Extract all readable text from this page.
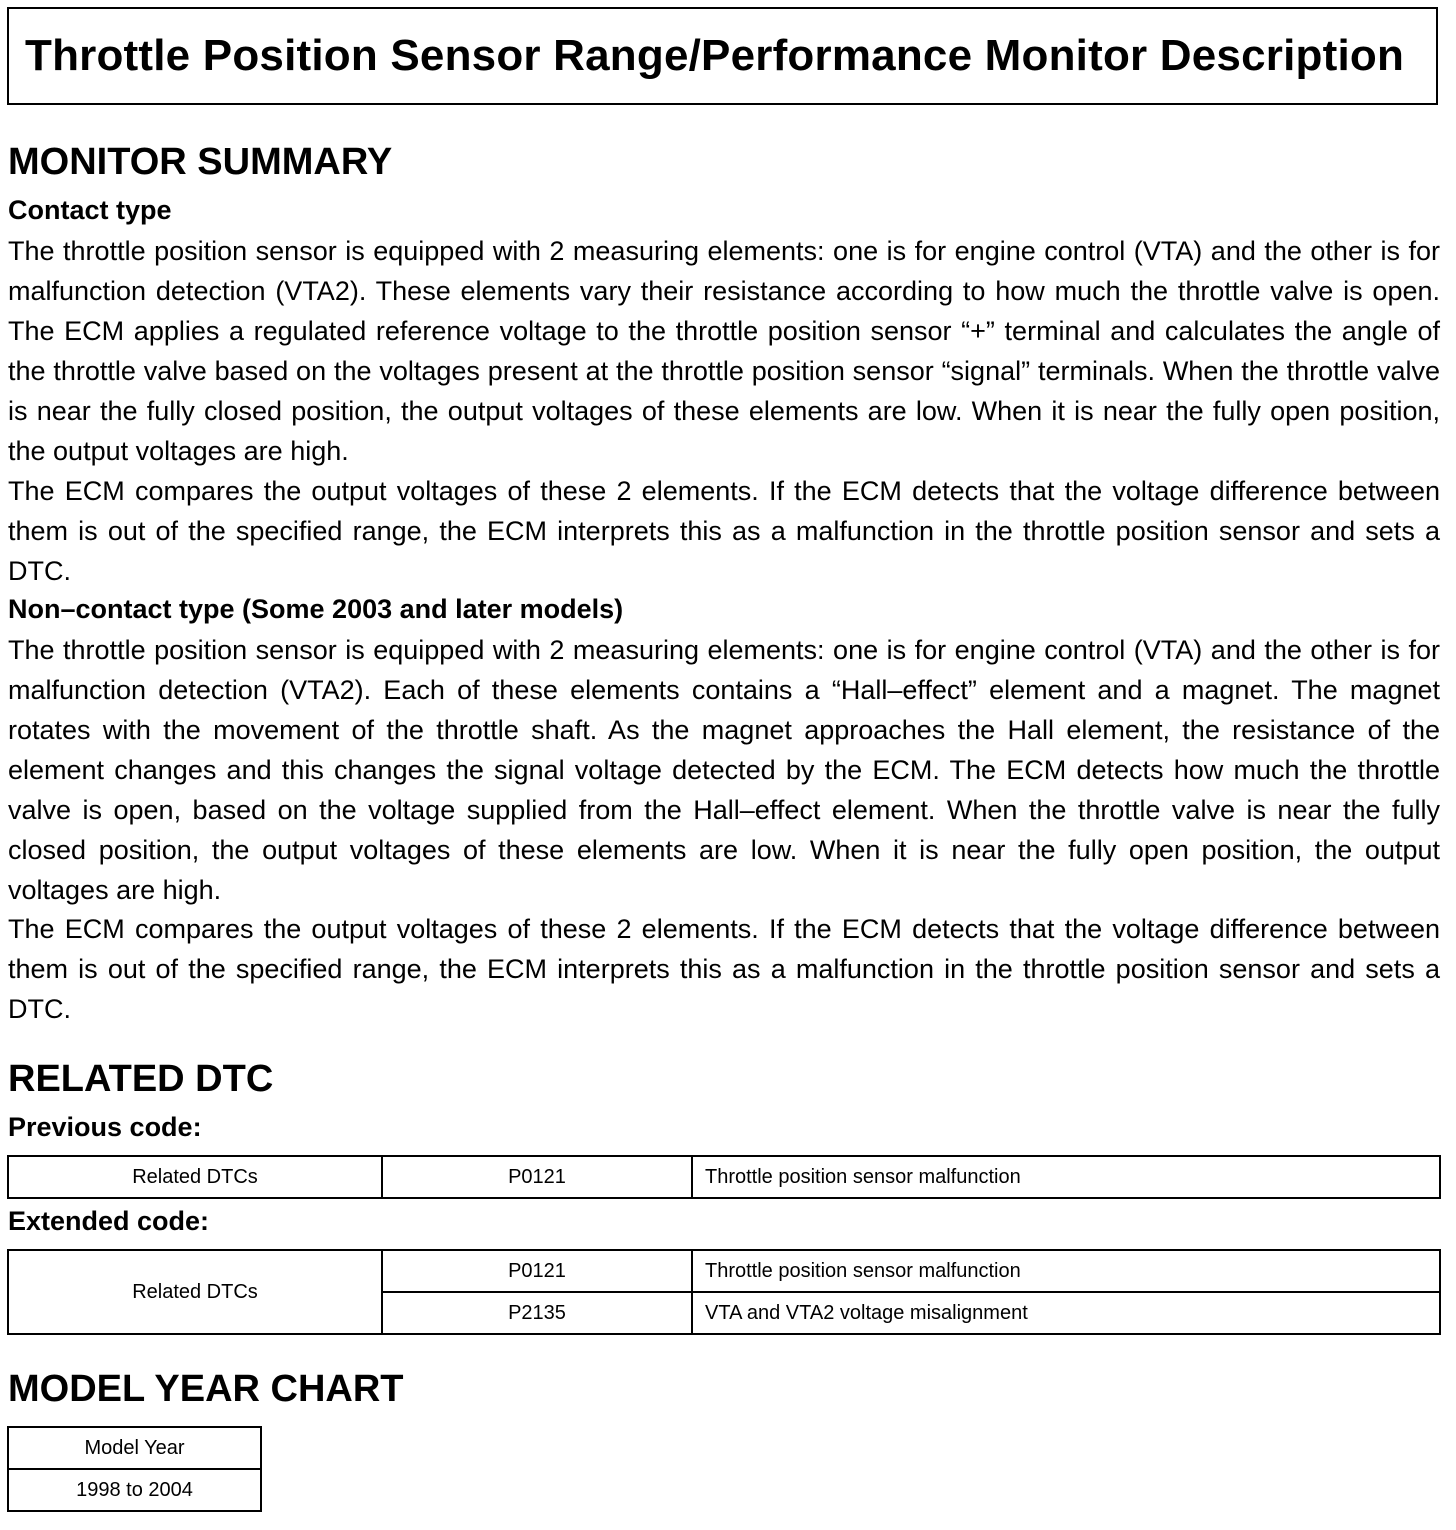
Throttle Position Sensor Range/Performance Monitor Description
MONITOR SUMMARY
Contact type

The throttle position sensor is equipped with 2 measuring elements: one is for engine control (VTA) and the other is for malfunction detection (VTA2). These elements vary their resistance according to how much the throttle valve is open. The ECM applies a regulated reference voltage to the throttle position sensor “+” terminal and calculates the angle of the throttle valve based on the voltages present at the throttle position sensor “signal” terminals. When the throttle valve is near the fully closed position, the output voltages of these elements are low. When it is near the fully open position, the output voltages are high.

The ECM compares the output voltages of these 2 elements. If the ECM detects that the voltage difference between them is out of the specified range, the ECM interprets this as a malfunction in the throttle position sensor and sets a DTC.

Non–contact type (Some 2003 and later models)

The throttle position sensor is equipped with 2 measuring elements: one is for engine control (VTA) and the other is for malfunction detection (VTA2). Each of these elements contains a “Hall–effect” element and a magnet. The magnet rotates with the movement of the throttle shaft. As the magnet approaches the Hall element, the resistance of the element changes and this changes the signal voltage detected by the ECM. The ECM detects how much the throttle valve is open, based on the voltage supplied from the Hall–effect element. When the throttle valve is near the fully closed position, the output voltages of these elements are low. When it is near the fully open position, the output voltages are high.

The ECM compares the output voltages of these 2 elements. If the ECM detects that the voltage difference between them is out of the specified range, the ECM interprets this as a malfunction in the throttle position sensor and sets a DTC.

RELATED DTC
Previous code:
Related DTCs	P0121	Throttle position sensor malfunction
Extended code:
Related DTCs	P0121	Throttle position sensor malfunction
	P2135	VTA and VTA2 voltage misalignment
MODEL YEAR CHART
Model Year
1998 to 2004
